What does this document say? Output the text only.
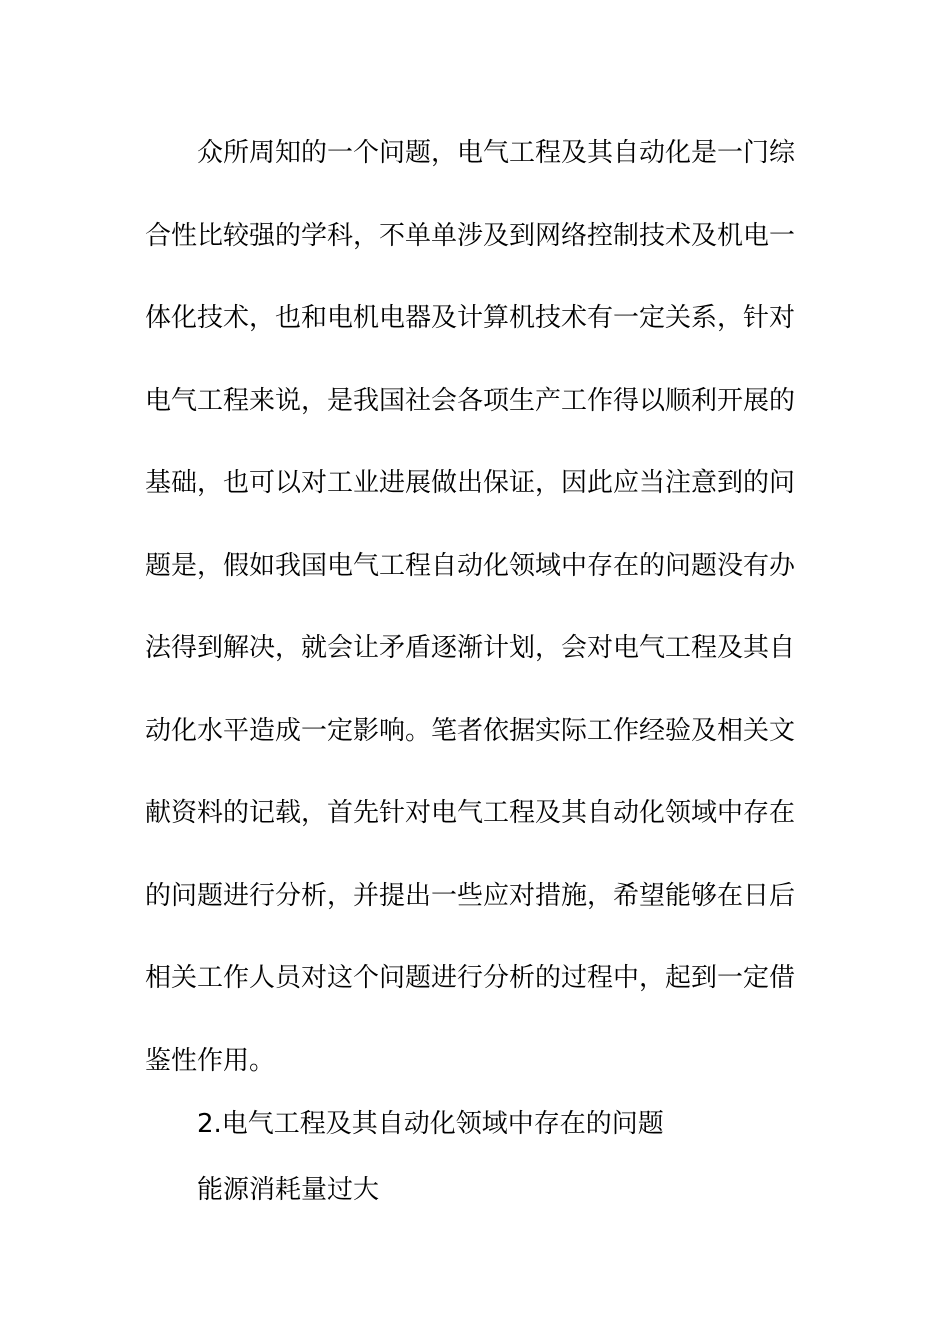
众所周知的一个问题，电气工程及其自动化是一门综
合性比较强的学科，不单单涉及到网络控制技术及机电一
体化技术，也和电机电器及计算机技术有一定关系，针对
电气工程来说，是我国社会各项生产工作得以顺利开展的
基础，也可以对工业进展做出保证，因此应当注意到的问
题是，假如我国电气工程自动化领域中存在的问题没有办
法得到解决，就会让矛盾逐渐计划，会对电气工程及其自
动化水平造成一定影响。笔者依据实际工作经验及相关文
献资料的记载，首先针对电气工程及其自动化领域中存在
的问题进行分析，并提出一些应对措施，希望能够在日后
相关工作人员对这个问题进行分析的过程中，起到一定借
鉴性作用。
2.电气工程及其自动化领域中存在的问题
能源消耗量过大
